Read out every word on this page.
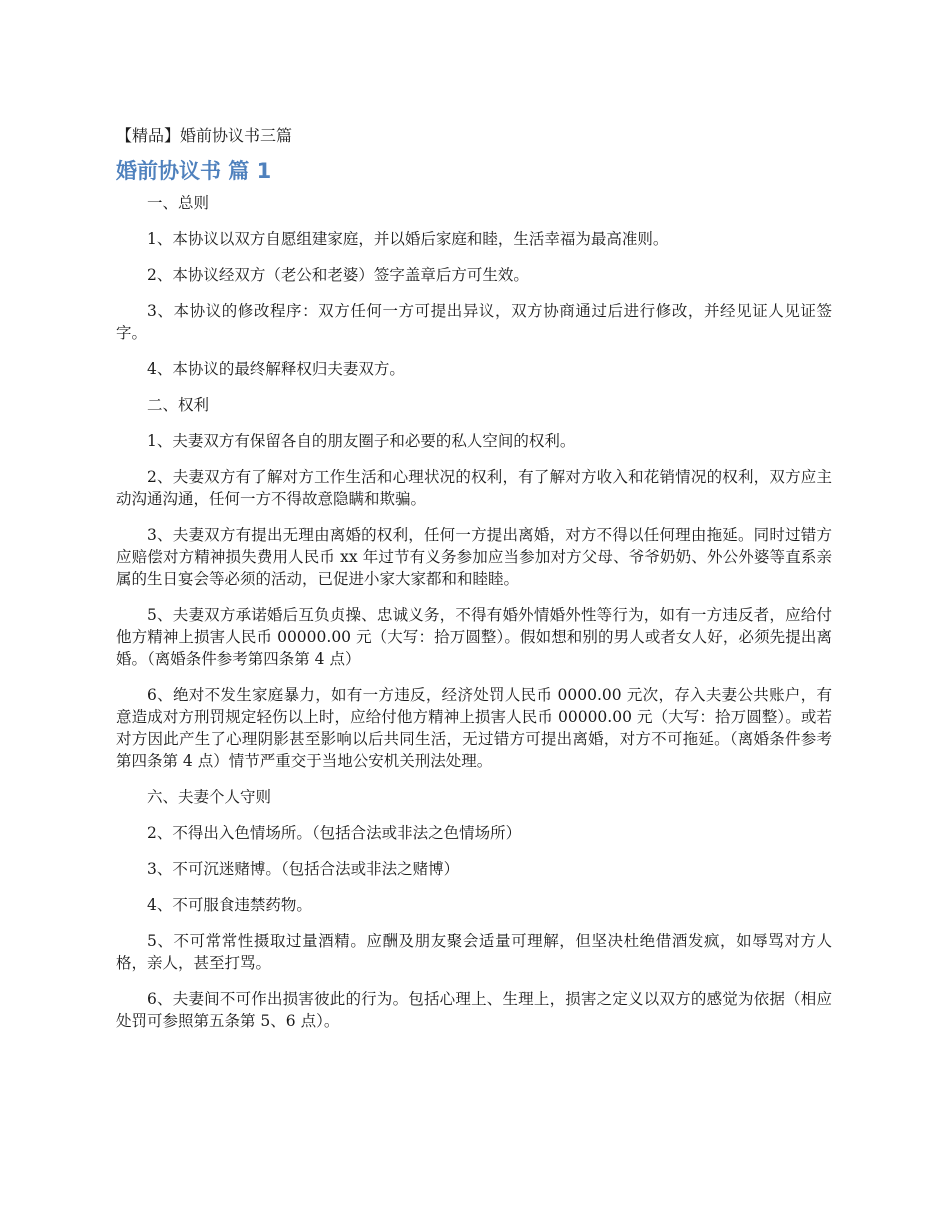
【精品】婚前协议书三篇

婚前协议书 篇 1

一、总则

1、本协议以双方自愿组建家庭，并以婚后家庭和睦，生活幸福为最高准则。

2、本协议经双方（老公和老婆）签字盖章后方可生效。

3、本协议的修改程序：双方任何一方可提出异议，双方协商通过后进行修改，并经见证人见证签字。

4、本协议的最终解释权归夫妻双方。

二、权利

1、夫妻双方有保留各自的朋友圈子和必要的私人空间的权利。

2、夫妻双方有了解对方工作生活和心理状况的权利，有了解对方收入和花销情况的权利，双方应主动沟通沟通，任何一方不得故意隐瞒和欺骗。

3、夫妻双方有提出无理由离婚的权利，任何一方提出离婚，对方不得以任何理由拖延。同时过错方应赔偿对方精神损失费用人民币 xx 年过节有义务参加应当参加对方父母、爷爷奶奶、外公外婆等直系亲属的生日宴会等必须的活动，已促进小家大家都和和睦睦。

5、夫妻双方承诺婚后互负贞操、忠诚义务，不得有婚外情婚外性等行为，如有一方违反者，应给付他方精神上损害人民币 00000.00 元（大写：拾万圆整）。假如想和别的男人或者女人好，必须先提出离婚。（离婚条件参考第四条第 4 点）

6、绝对不发生家庭暴力，如有一方违反，经济处罚人民币 0000.00 元次，存入夫妻公共账户，有意造成对方刑罚规定轻伤以上时，应给付他方精神上损害人民币 00000.00 元（大写：拾万圆整）。或若对方因此产生了心理阴影甚至影响以后共同生活，无过错方可提出离婚，对方不可拖延。（离婚条件参考第四条第 4 点）情节严重交于当地公安机关刑法处理。

六、夫妻个人守则

2、不得出入色情场所。（包括合法或非法之色情场所）

3、不可沉迷赌博。（包括合法或非法之赌博）

4、不可服食违禁药物。

5、不可常常性摄取过量酒精。应酬及朋友聚会适量可理解，但坚决杜绝借酒发疯，如辱骂对方人格，亲人，甚至打骂。

6、夫妻间不可作出损害彼此的行为。包括心理上、生理上，损害之定义以双方的感觉为依据（相应处罚可参照第五条第 5、6 点）。
